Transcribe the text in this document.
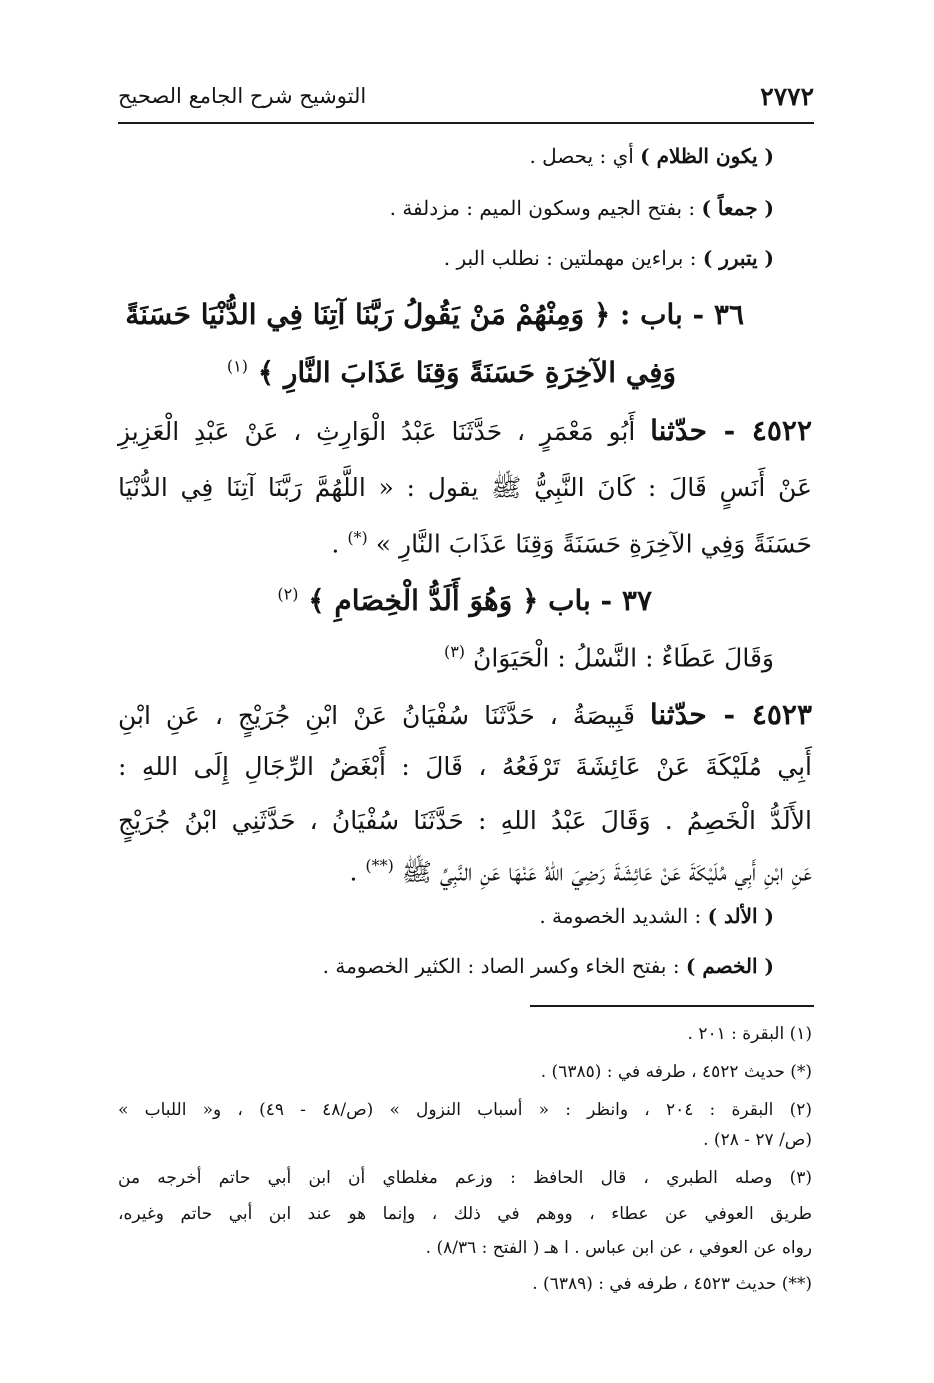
٢٧٧٢
التوشيح شرح الجامع الصحيح
( يكون الظلام ) أي : يحصل .
( جمعاً ) : بفتح الجيم وسكون الميم : مزدلفة .
( يتبرر ) : براءين مهملتين : نطلب البر .
٣٦ - باب : ﴿ وَمِنْهُمْ مَنْ يَقُولُ رَبَّنَا آتِنَا فِي الدُّنْيَا حَسَنَةً
وَفِي الآخِرَةِ حَسَنَةً وَقِنَا عَذَابَ النَّارِ ﴾ $^{(١)}$
٤٥٢٢ - حدّثنا أَبُو مَعْمَرٍ ، حَدَّثَنَا عَبْدُ الْوَارِثِ ، عَنْ عَبْدِ الْعَزِيزِ
عَنْ أَنَسٍ قَالَ : كَانَ النَّبِيُّ ﷺ يقول : « اللَّهُمَّ رَبَّنَا آتِنَا فِي الدُّنْيَا
حَسَنَةً وَفِي الآخِرَةِ حَسَنَةً وَقِنَا عَذَابَ النَّارِ » (*) .
٣٧ - باب ﴿ وَهُوَ أَلَدُّ الْخِصَامِ ﴾ $^{(٢)}$
وَقَالَ عَطَاءٌ : النَّسْلُ : الْحَيَوَانُ $^{(٣)}$
٤٥٢٣ - حدّثنا قَبِيصَةُ ، حَدَّثَنَا سُفْيَانُ عَنْ ابْنِ جُرَيْجٍ ، عَنِ ابْنِ
أَبِي مُلَيْكَةَ عَنْ عَائِشَةَ تَرْفَعُهُ ، قَالَ : أَبْغَضُ الرِّجَالِ إِلَى اللهِ :
الأَلَدُّ الْخَصِمُ . وَقَالَ عَبْدُ اللهِ : حَدَّثَنَا سُفْيَانُ ، حَدَّثَنِي ابْنُ جُرَيْجٍ
عَنِ ابْنِ أَبِي مُلَيْكَةَ عَنْ عَائِشَةَ رَضِيَ اللهُ عَنْهَا عَنِ النَّبِيِّ ﷺ (**) .
( الألد ) : الشديد الخصومة .
( الخصم ) : بفتح الخاء وكسر الصاد : الكثير الخصومة .
(١) البقرة : ٢٠١ .
(*) حديث ٤٥٢٢ ، طرفه في : (٦٣٨٥) .
(٢) البقرة : ٢٠٤ ، وانظر : « أسباب النزول » (ص/٤٨ - ٤٩) ، و« اللباب »
(ص/ ٢٧ - ٢٨) .
(٣) وصله الطبري ، قال الحافظ : وزعم مغلطاي أن ابن أبي حاتم أخرجه من
طريق العوفي عن عطاء ، ووهم في ذلك ، وإنما هو عند ابن أبي حاتم وغيره،
رواه عن العوفي ، عن ابن عباس . ا هـ ( الفتح : ٨/٣٦) .
(**) حديث ٤٥٢٣ ، طرفه في : (٦٣٨٩) .
